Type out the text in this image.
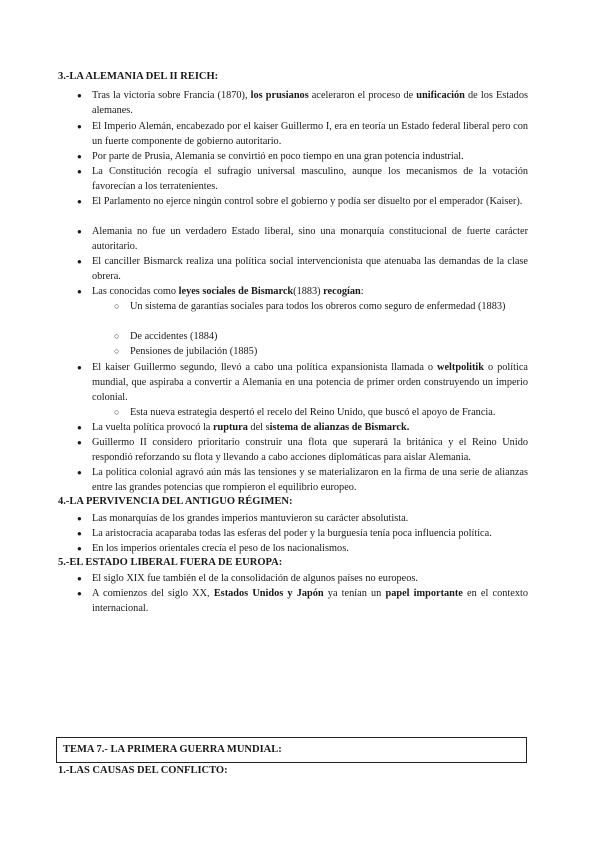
3.-LA ALEMANIA DEL II REICH:
● Tras la victoria sobre Francia (1870), los prusianos aceleraron el proceso de unificación de los Estados alemanes.
● El Imperio Alemán, encabezado por el kaiser Guillermo I, era en teoría un Estado federal liberal pero con un fuerte componente de gobierno autoritario.
● Por parte de Prusia, Alemania se convirtió en poco tiempo en una gran potencia industrial.
● La Constitución recogía el sufragio universal masculino, aunque los mecanismos de la votación favorecían a los terratenientes.
● El Parlamento no ejerce ningún control sobre el gobierno y podía ser disuelto por el emperador (Kaiser).
● Alemania no fue un verdadero Estado liberal, sino una monarquía constitucional de fuerte carácter autoritario.
● El canciller Bismarck realiza una política social intervencionista que atenuaba las demandas de la clase obrera.
● Las conocidas como leyes sociales de Bismarck(1883) recogían:
○ Un sistema de garantías sociales para todos los obreros como seguro de enfermedad (1883)
○ De accidentes (1884)
○ Pensiones de jubilación (1885)
● El kaiser Guillermo segundo, llevó a cabo una política expansionista llamada o weltpolitik o política mundial, que aspiraba a convertir a Alemania en una potencia de primer orden construyendo un imperio colonial.
○ Esta nueva estrategia despertó el recelo del Reino Unido, que buscó el apoyo de Francia.
● La vuelta política provocó la ruptura del sistema de alianzas de Bismarck.
● Guillermo II considero prioritario construir una flota que superará la británica y el Reino Unido respondió reforzando su flota y llevando a cabo acciones diplomáticas para aislar Alemania.
● La política colonial agravó aún más las tensiones y se materializaron en la firma de una serie de alianzas entre las grandes potencias que rompieron el equilibrio europeo.
4.-LA PERVIVENCIA DEL ANTIGUO RÉGIMEN:
● Las monarquías de los grandes imperios mantuvieron su carácter absolutista.
● La aristocracia acaparaba todas las esferas del poder y la burguesía tenía poca influencia política.
● En los imperios orientales crecía el peso de los nacionalismos.
5.-EL ESTADO LIBERAL FUERA DE EUROPA:
● El siglo XIX fue también el de la consolidación de algunos países no europeos.
● A comienzos del siglo XX, Estados Unidos y Japón ya tenían un papel importante en el contexto internacional.
TEMA 7.- LA PRIMERA GUERRA MUNDIAL:
1.-LAS CAUSAS DEL CONFLICTO:
